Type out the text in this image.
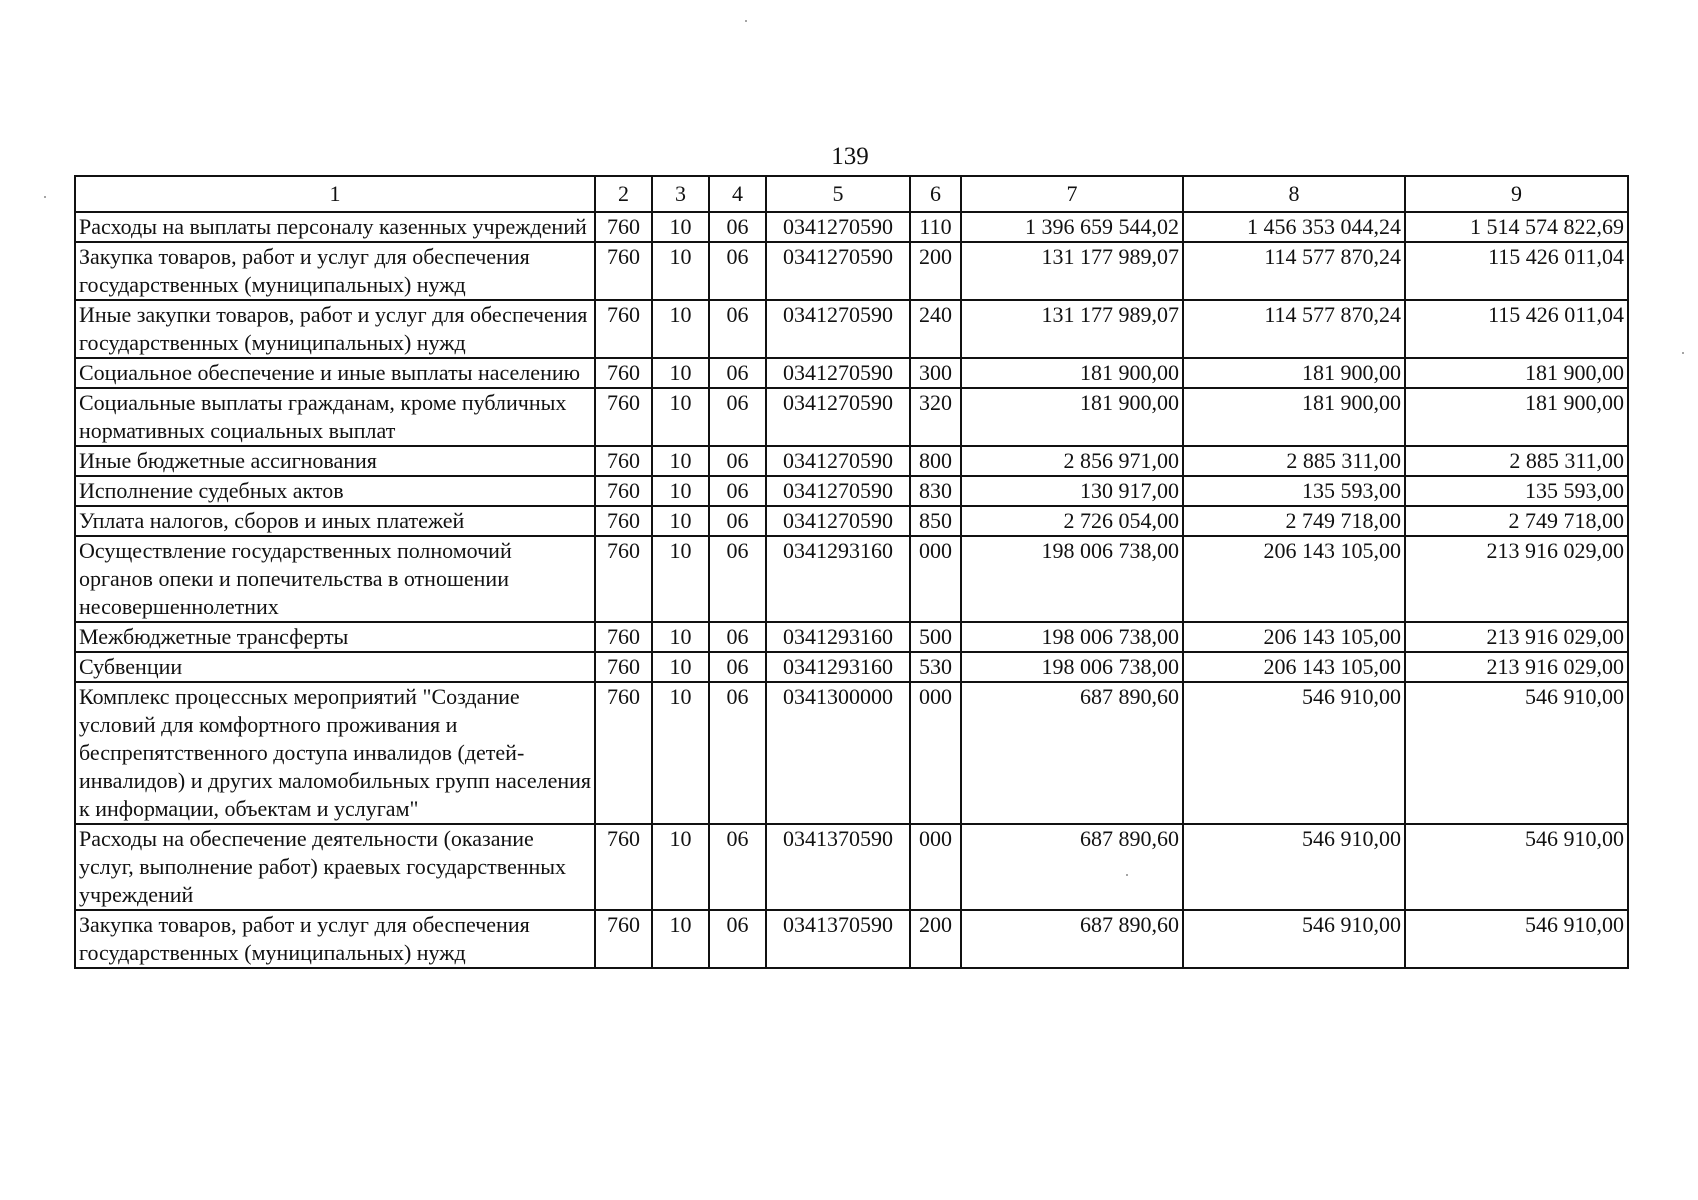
139
1	2	3	4	5	6	7	8	9
Расходы на выплаты персоналу казенных учреждений	760	10	06	0341270590	110	1 396 659 544,02	1 456 353 044,24	1 514 574 822,69
Закупка товаров, работ и услуг для обеспечения государственных (муниципальных) нужд	760	10	06	0341270590	200	131 177 989,07	114 577 870,24	115 426 011,04
Иные закупки товаров, работ и услуг для обеспечения государственных (муниципальных) нужд	760	10	06	0341270590	240	131 177 989,07	114 577 870,24	115 426 011,04
Социальное обеспечение и иные выплаты населению	760	10	06	0341270590	300	181 900,00	181 900,00	181 900,00
Социальные выплаты гражданам, кроме публичных нормативных социальных выплат	760	10	06	0341270590	320	181 900,00	181 900,00	181 900,00
Иные бюджетные ассигнования	760	10	06	0341270590	800	2 856 971,00	2 885 311,00	2 885 311,00
Исполнение судебных актов	760	10	06	0341270590	830	130 917,00	135 593,00	135 593,00
Уплата налогов, сборов и иных платежей	760	10	06	0341270590	850	2 726 054,00	2 749 718,00	2 749 718,00
Осуществление государственных полномочий органов опеки и попечительства в отношении несовершеннолетних	760	10	06	0341293160	000	198 006 738,00	206 143 105,00	213 916 029,00
Межбюджетные трансферты	760	10	06	0341293160	500	198 006 738,00	206 143 105,00	213 916 029,00
Субвенции	760	10	06	0341293160	530	198 006 738,00	206 143 105,00	213 916 029,00
Комплекс процессных мероприятий "Создание условий для комфортного проживания и беспрепятственного доступа инвалидов (детей-инвалидов) и других маломобильных групп населения к информации, объектам и услугам"	760	10	06	0341300000	000	687 890,60	546 910,00	546 910,00
Расходы на обеспечение деятельности (оказание услуг, выполнение работ) краевых государственных учреждений	760	10	06	0341370590	000	687 890,60	546 910,00	546 910,00
Закупка товаров, работ и услуг для обеспечения государственных (муниципальных) нужд	760	10	06	0341370590	200	687 890,60	546 910,00	546 910,00
